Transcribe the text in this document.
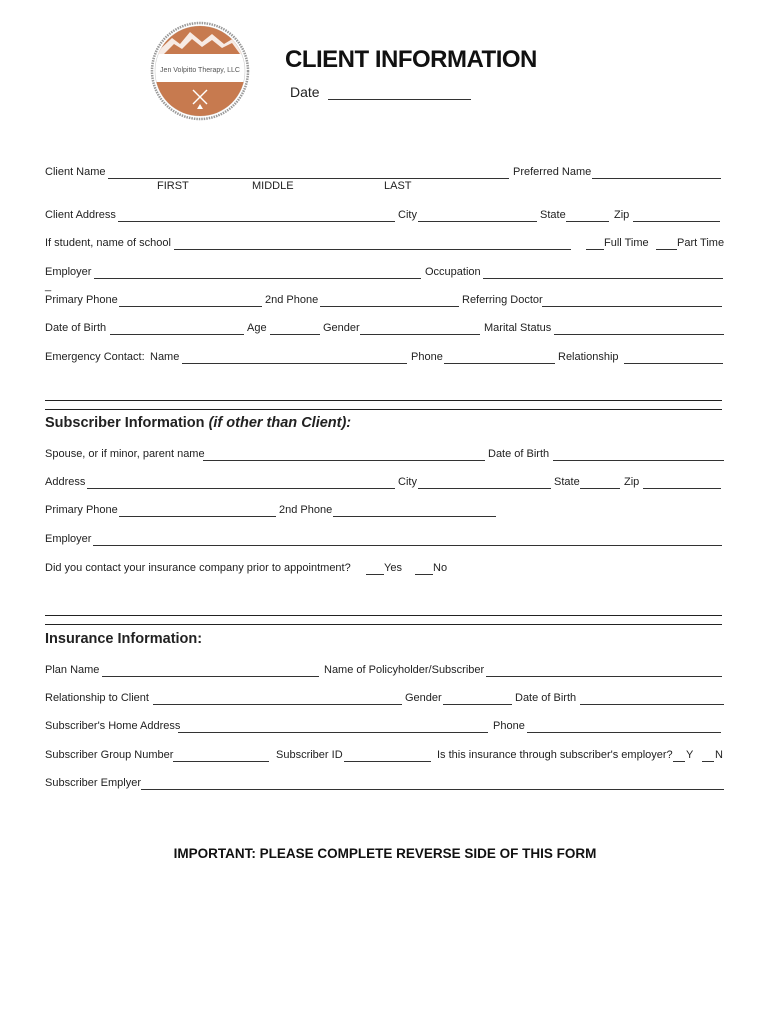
Jen Volpitto Therapy, LLC CLIENT INFORMATION
Date
Client Name	Preferred Name
FIRST	MIDDLE	LAST
Client Address	City	State	Zip
If student, name of school	Full Time	Part Time
Employer	Occupation
_
Primary Phone	2nd Phone	Referring Doctor
Date of Birth	Age	Gender	Marital Status
Emergency Contact: Name	Phone	Relationship
Subscriber Information (if other than Client):
Spouse, or if minor, parent name	Date of Birth
Address	City	State	Zip
Primary Phone	2nd Phone
Employer
Did you contact your insurance company prior to appointment?	Yes	No
Insurance Information:
Plan Name	Name of Policyholder/Subscriber
Relationship to Client	Gender	Date of Birth
Subscriber's Home Address	Phone
Subscriber Group Number	Subscriber ID	Is this insurance through subscriber's employer? Y N
Subscriber Emplyer
IMPORTANT: PLEASE COMPLETE REVERSE SIDE OF THIS FORM
